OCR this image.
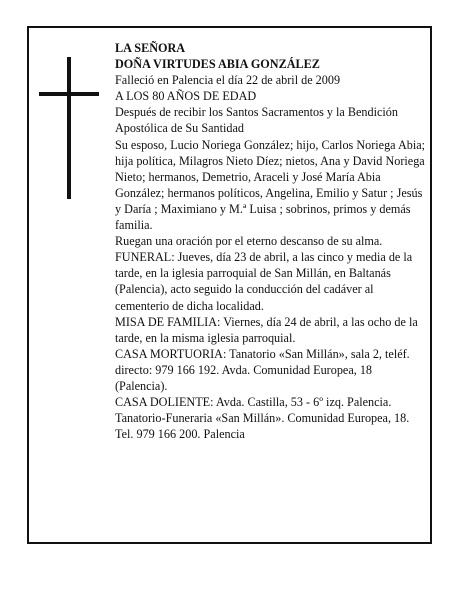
LA SEÑORA

DOÑA VIRTUDES ABIA GONZÁLEZ

Falleció en Palencia el día 22 de abril de 2009

A LOS 80 AÑOS DE EDAD

Después de recibir los Santos Sacramentos y la Bendición Apostólica de Su Santidad

Su esposo, Lucio Noriega González; hijo, Carlos Noriega Abia; hija política, Milagros Nieto Díez; nietos, Ana y David Noriega Nieto; hermanos, Demetrio, Araceli y José María Abia González; hermanos políticos, Angelina, Emilio y Satur ; Jesús y Daría ; Maximiano y M.ª Luisa ; sobrinos, primos y demás familia.

Ruegan una oración por el eterno descanso de su alma.

FUNERAL: Jueves, día 23 de abril, a las cinco y media de la tarde, en la iglesia parroquial de San Millán, en Baltanás (Palencia), acto seguido la conducción del cadáver al cementerio de dicha localidad.

MISA DE FAMILIA: Viernes, día 24 de abril, a las ocho de la tarde, en la misma iglesia parroquial.

CASA MORTUORIA: Tanatorio «San Millán», sala 2, teléf. directo: 979 166 192. Avda. Comunidad Europea, 18 (Palencia).

CASA DOLIENTE: Avda. Castilla, 53 - 6º izq. Palencia.

Tanatorio-Funeraria «San Millán». Comunidad Europea, 18. Tel. 979 166 200. Palencia
